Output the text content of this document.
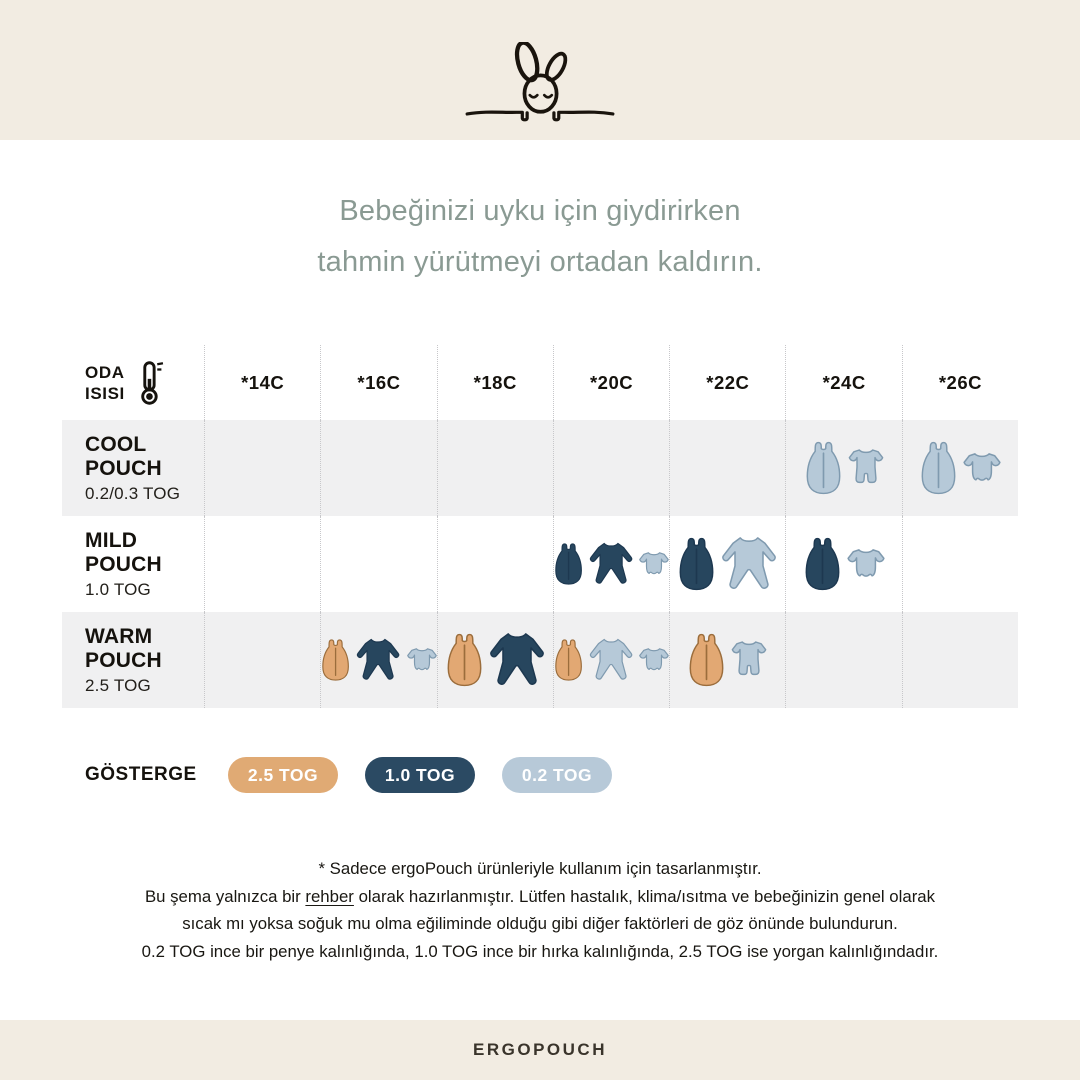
Bebeğinizi uyku için giydirirken
tahmin yürütmeyi ortadan kaldırın.
ODA
ISISI
*14C	*16C	*18C	*20C	*22C	*24C	*26C
COOL
POUCH
0.2/0.3 TOG
MILD
POUCH
1.0 TOG
WARM
POUCH
2.5 TOG
GÖSTERGE	2.5 TOG	1.0 TOG	0.2 TOG
* Sadece ergoPouch ürünleriyle kullanım için tasarlanmıştır.
Bu şema yalnızca bir rehber olarak hazırlanmıştır. Lütfen hastalık, klima/ısıtma ve bebeğinizin genel olarak
sıcak mı yoksa soğuk mu olma eğiliminde olduğu gibi diğer faktörleri de göz önünde bulundurun.
0.2 TOG ince bir penye kalınlığında, 1.0 TOG ince bir hırka kalınlığında, 2.5 TOG ise yorgan kalınlığındadır.
ERGOPOUCH
